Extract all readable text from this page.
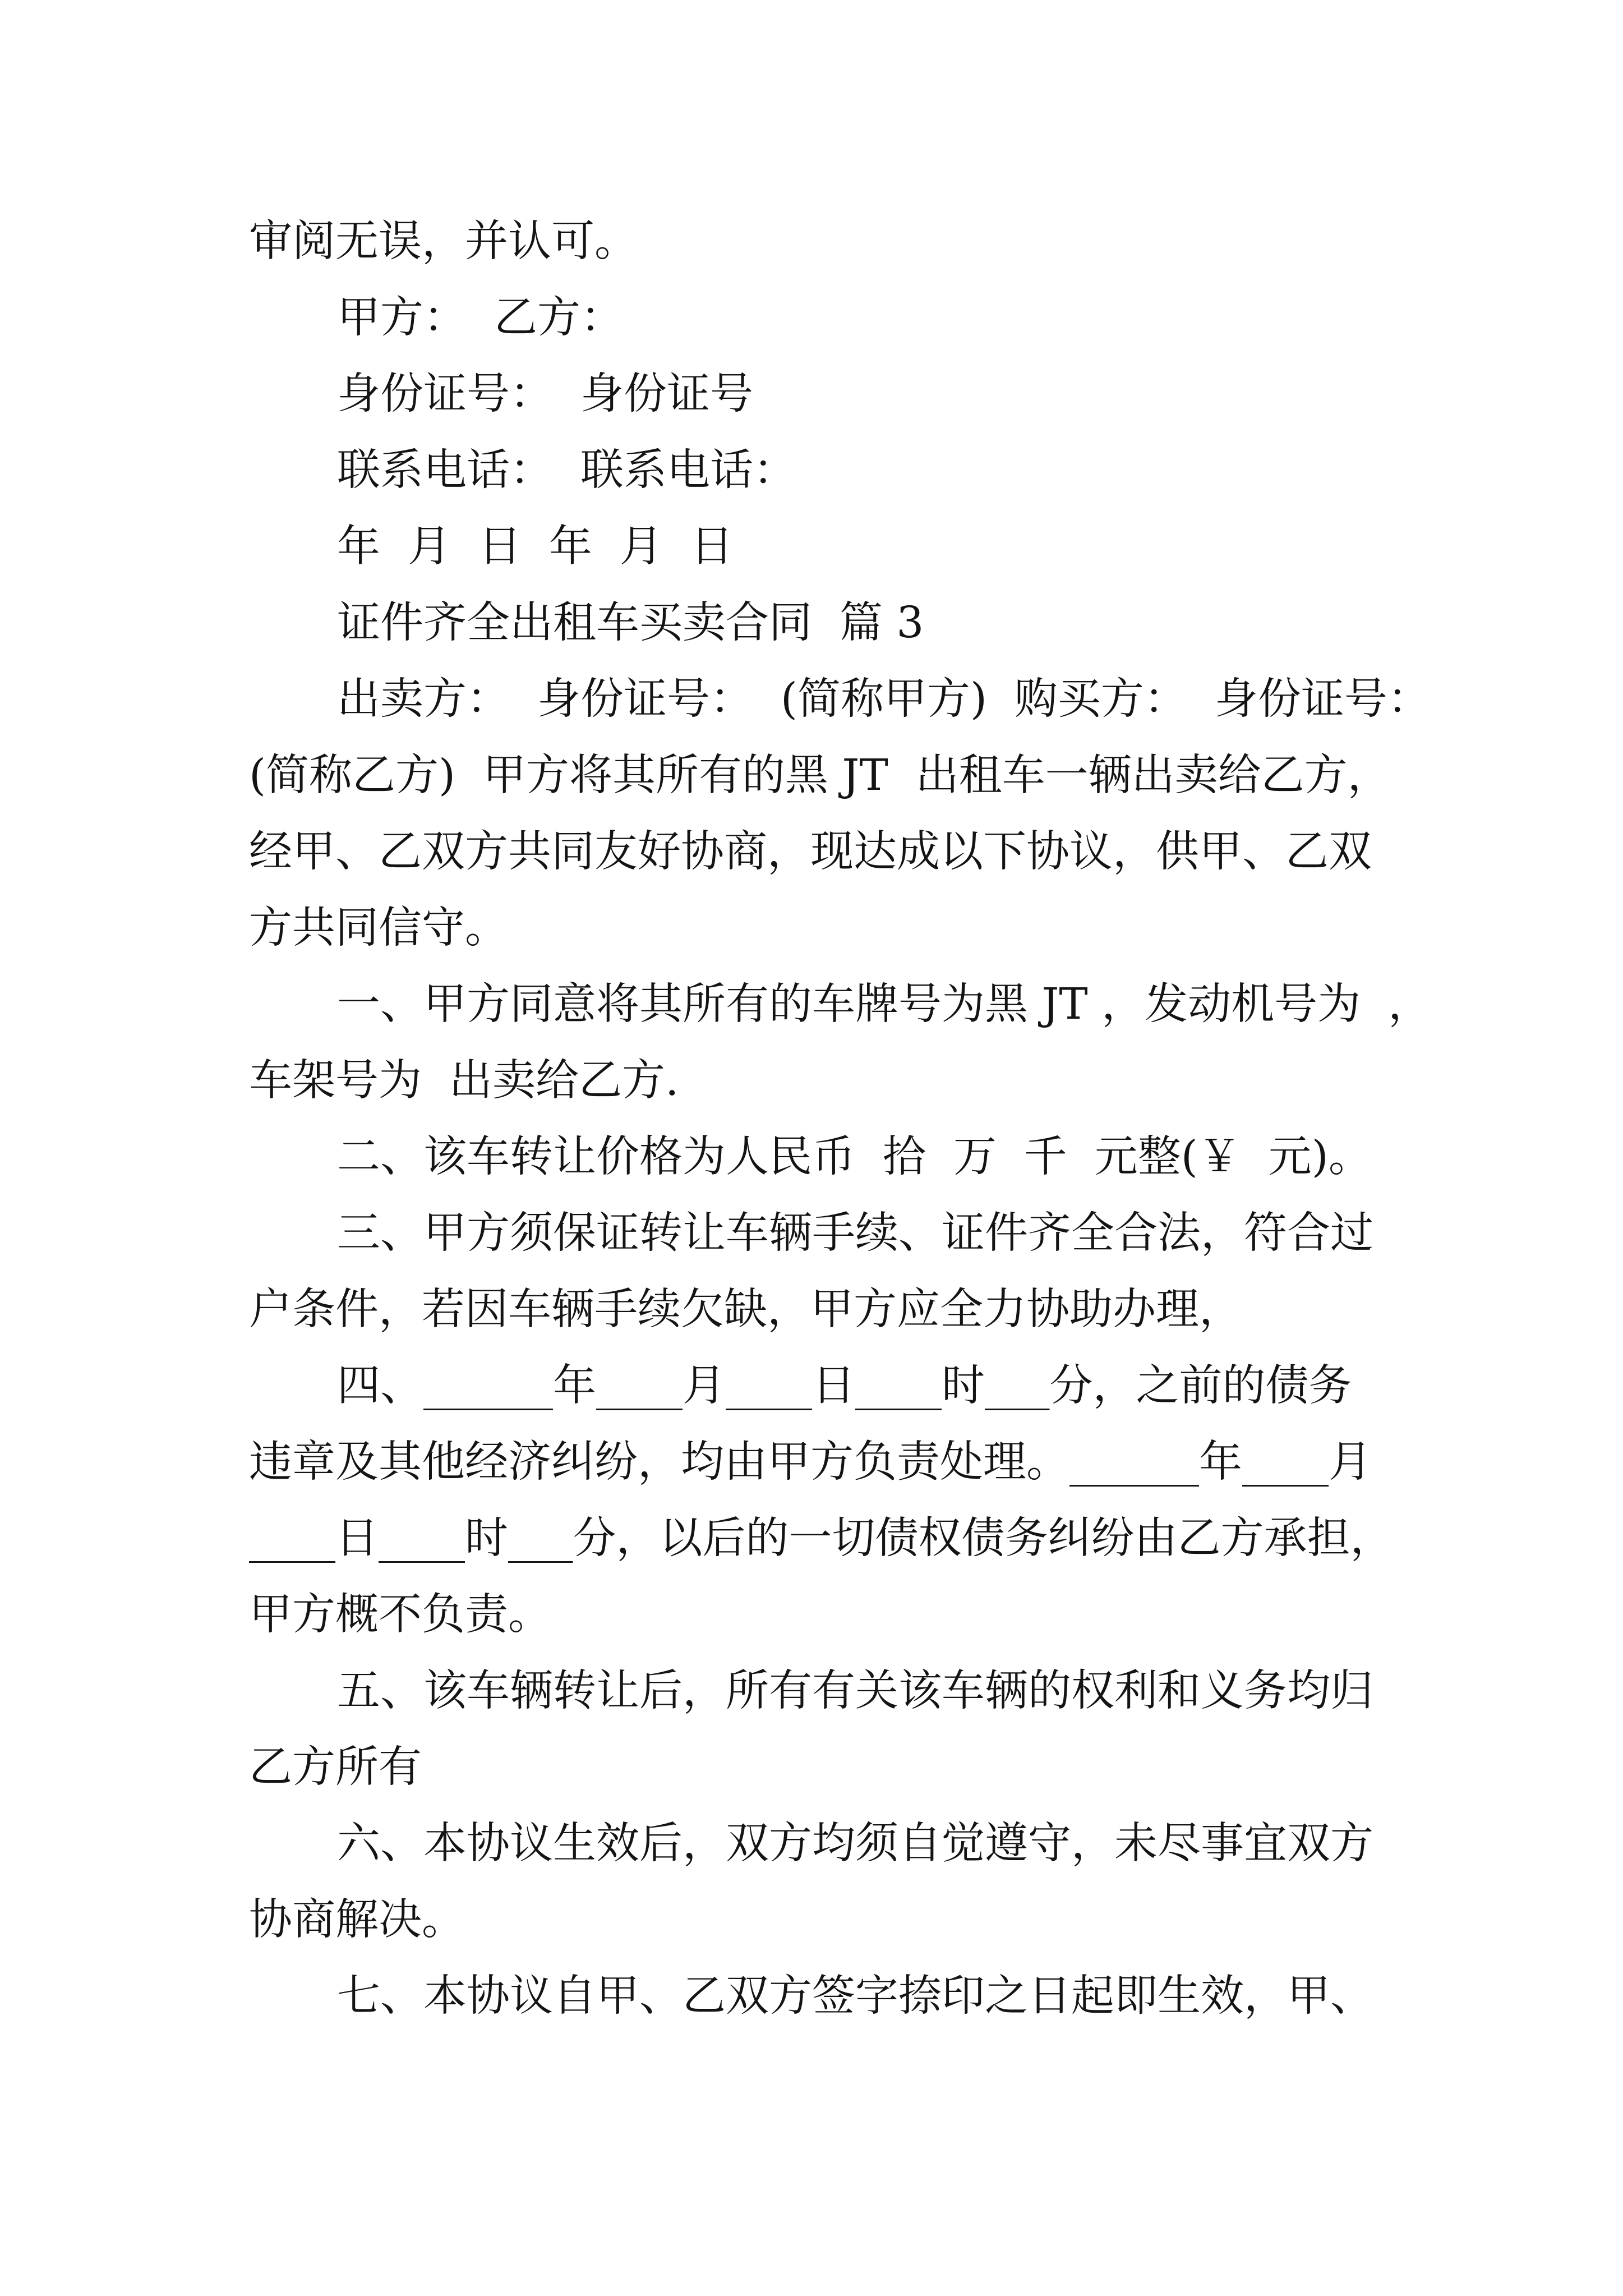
审阅无误，并认可。
甲方：  乙方：
身份证号：  身份证号
联系电话：  联系电话：
年  月  日  年  月  日
证件齐全出租车买卖合同  篇 3
出卖方：  身份证号：  (简称甲方)  购买方：  身份证号：
(简称乙方)  甲方将其所有的黑 JT  出租车一辆出卖给乙方，
经甲、乙双方共同友好协商，现达成以下协议，供甲、乙双
方共同信守。
一、甲方同意将其所有的车牌号为黑 JT ，发动机号为  ，
车架号为  出卖给乙方.
二、该车转让价格为人民币  拾  万  千  元整(￥  元)。
三、甲方须保证转让车辆手续、证件齐全合法，符合过
户条件，若因车辆手续欠缺，甲方应全力协助办理，
四、______年____月____日____时___分，之前的债务
违章及其他经济纠纷，均由甲方负责处理。______年____月
____日____时___分，以后的一切债权债务纠纷由乙方承担，
甲方概不负责。
五、该车辆转让后，所有有关该车辆的权利和义务均归
乙方所有
六、本协议生效后，双方均须自觉遵守，未尽事宜双方
协商解决。
七、本协议自甲、乙双方签字捺印之日起即生效，甲、
